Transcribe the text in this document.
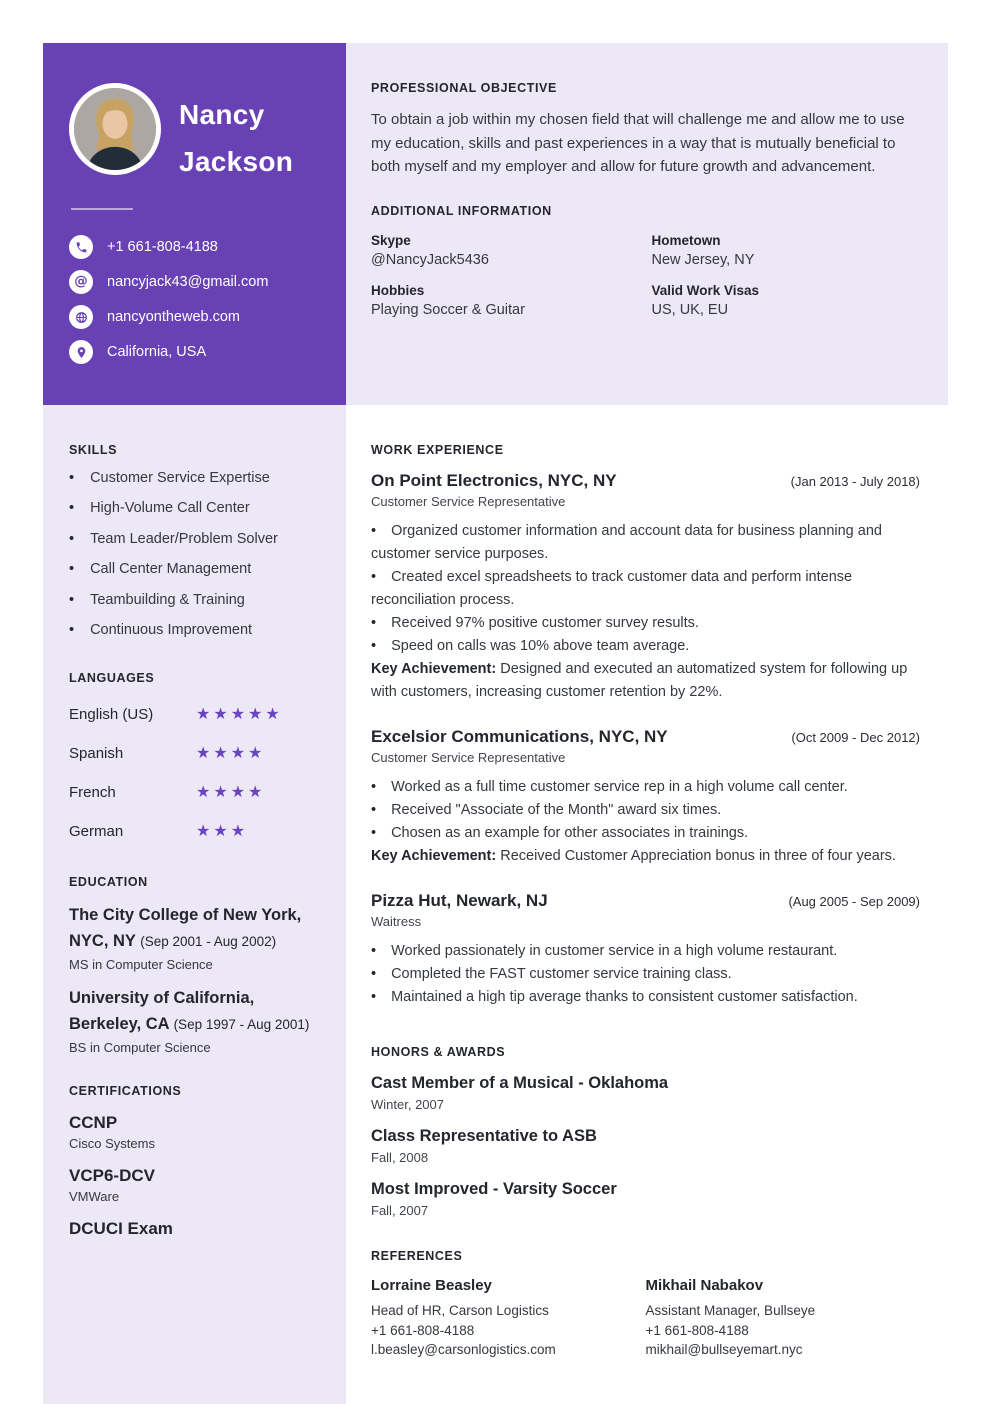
Nancy Jackson
+1 661-808-4188
@ nancyjack43@gmail.com
nancyontheweb.com
California, USA
PROFESSIONAL OBJECTIVE
To obtain a job within my chosen field that will challenge me and allow me to use my education, skills and past experiences in a way that is mutually beneficial to both myself and my employer and allow for future growth and advancement.
ADDITIONAL INFORMATION
Skype
@NancyJack5436
Hometown
New Jersey, NY
Hobbies
Playing Soccer & Guitar
Valid Work Visas
US, UK, EU
SKILLS
• Customer Service Expertise
• High-Volume Call Center
• Team Leader/Problem Solver
• Call Center Management
• Teambuilding & Training
• Continuous Improvement
LANGUAGES
English (US)	★★★★★
Spanish	★★★★
French	★★★★
German	★★★
EDUCATION
The City College of New York, NYC, NY (Sep 2001 - Aug 2002)
MS in Computer Science
University of California, Berkeley, CA (Sep 1997 - Aug 2001)
BS in Computer Science
CERTIFICATIONS
CCNP
Cisco Systems
VCP6-DCV
VMWare
DCUCI Exam
WORK EXPERIENCE
On Point Electronics, NYC, NY	(Jan 2013 - July 2018)
Customer Service Representative

• Organized customer information and account data for business planning and customer service purposes.

• Created excel spreadsheets to track customer data and perform intense reconciliation process.

• Received 97% positive customer survey results.

• Speed on calls was 10% above team average.

Key Achievement: Designed and executed an automatized system for following up with customers, increasing customer retention by 22%.

Excelsior Communications, NYC, NY	(Oct 2009 - Dec 2012)
Customer Service Representative

• Worked as a full time customer service rep in a high volume call center.

• Received "Associate of the Month" award six times.

• Chosen as an example for other associates in trainings.

Key Achievement: Received Customer Appreciation bonus in three of four years.

Pizza Hut, Newark, NJ	(Aug 2005 - Sep 2009)
Waitress

• Worked passionately in customer service in a high volume restaurant.

• Completed the FAST customer service training class.

• Maintained a high tip average thanks to consistent customer satisfaction.

HONORS & AWARDS
Cast Member of a Musical - Oklahoma
Winter, 2007
Class Representative to ASB
Fall, 2008
Most Improved - Varsity Soccer
Fall, 2007
REFERENCES
Lorraine Beasley
Head of HR, Carson Logistics
+1 661-808-4188
l.beasley@carsonlogistics.com
Mikhail Nabakov
Assistant Manager, Bullseye
+1 661-808-4188
mikhail@bullseyemart.nyc
